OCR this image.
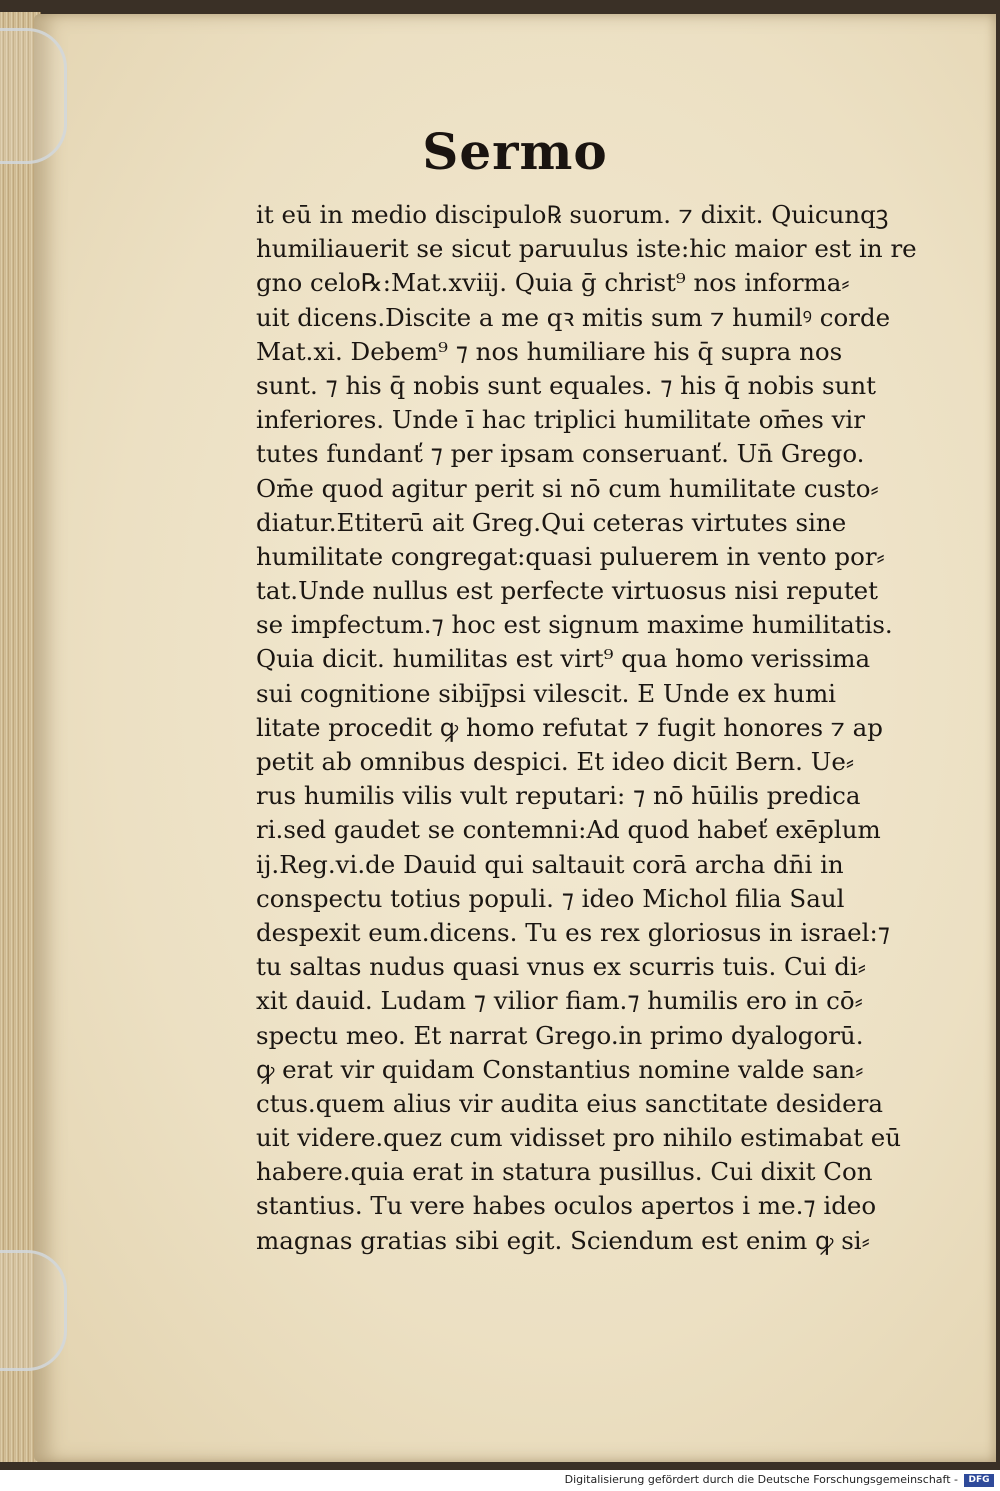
Sermo
it eū in medio discipulo℞ suorum. ⁊ dixit. Quicunqꝫ
humiliauerit se sicut paruulus iste:hic maior est in re
gno celo℞:Mat.xviij. Quia ḡ christ⁹ nos informa⸗
uit dicens.Discite a me qꝛ mitis sum ⁊ humilꝰ corde
Mat.xi. Debem⁹ ⁊ nos humiliare his q̄ supra nos
sunt. ⁊ his q̄ nobis sunt equales. ⁊ his q̄ nobis sunt
inferiores. Unde ī hac triplici humilitate om̄es vir
tutes fundanť ⁊ per ipsam conseruanť. Un̄ Grego.
Om̄e quod agitur perit si nō cum humilitate custo⸗
diatur.Etiterū ait Greg.Qui ceteras virtutes sine
humilitate congregat:quasi puluerem in vento por⸗
tat.Unde nullus est perfecte virtuosus nisi reputet
se impfectum.⁊ hoc est signum maxime humilitatis.
Quia dicit. humilitas est virt⁹ qua homo verissima
sui cognitione sibiȷ̄psi vilescit. E Unde ex humi
litate procedit ꝙ homo refutat ⁊ fugit honores ⁊ ap
petit ab omnibus despici. Et ideo dicit Bern. Ue⸗
rus humilis vilis vult reputari: ⁊ nō hūilis predica
ri.sed gaudet se contemni:Ad quod habeť exēplum
ij.Reg.vi.de Dauid qui saltauit corā archa dn̄i in
conspectu totius populi. ⁊ ideo Michol filia Saul
despexit eum.dicens. Tu es rex gloriosus in israel:⁊
tu saltas nudus quasi vnus ex scurris tuis. Cui di⸗
xit dauid. Ludam ⁊ vilior fiam.⁊ humilis ero in cō⸗
spectu meo. Et narrat Grego.in primo dyalogorū.
ꝙ erat vir quidam Constantius nomine valde san⸗
ctus.quem alius vir audita eius sanctitate desidera
uit videre.quez cum vidisset pro nihilo estimabat eū
habere.quia erat in statura pusillus. Cui dixit Con
stantius. Tu vere habes oculos apertos i me.⁊ ideo
magnas gratias sibi egit. Sciendum est enim ꝙ si⸗
Digitalisierung gefördert durch die Deutsche Forschungsgemeinschaft -	DFG
